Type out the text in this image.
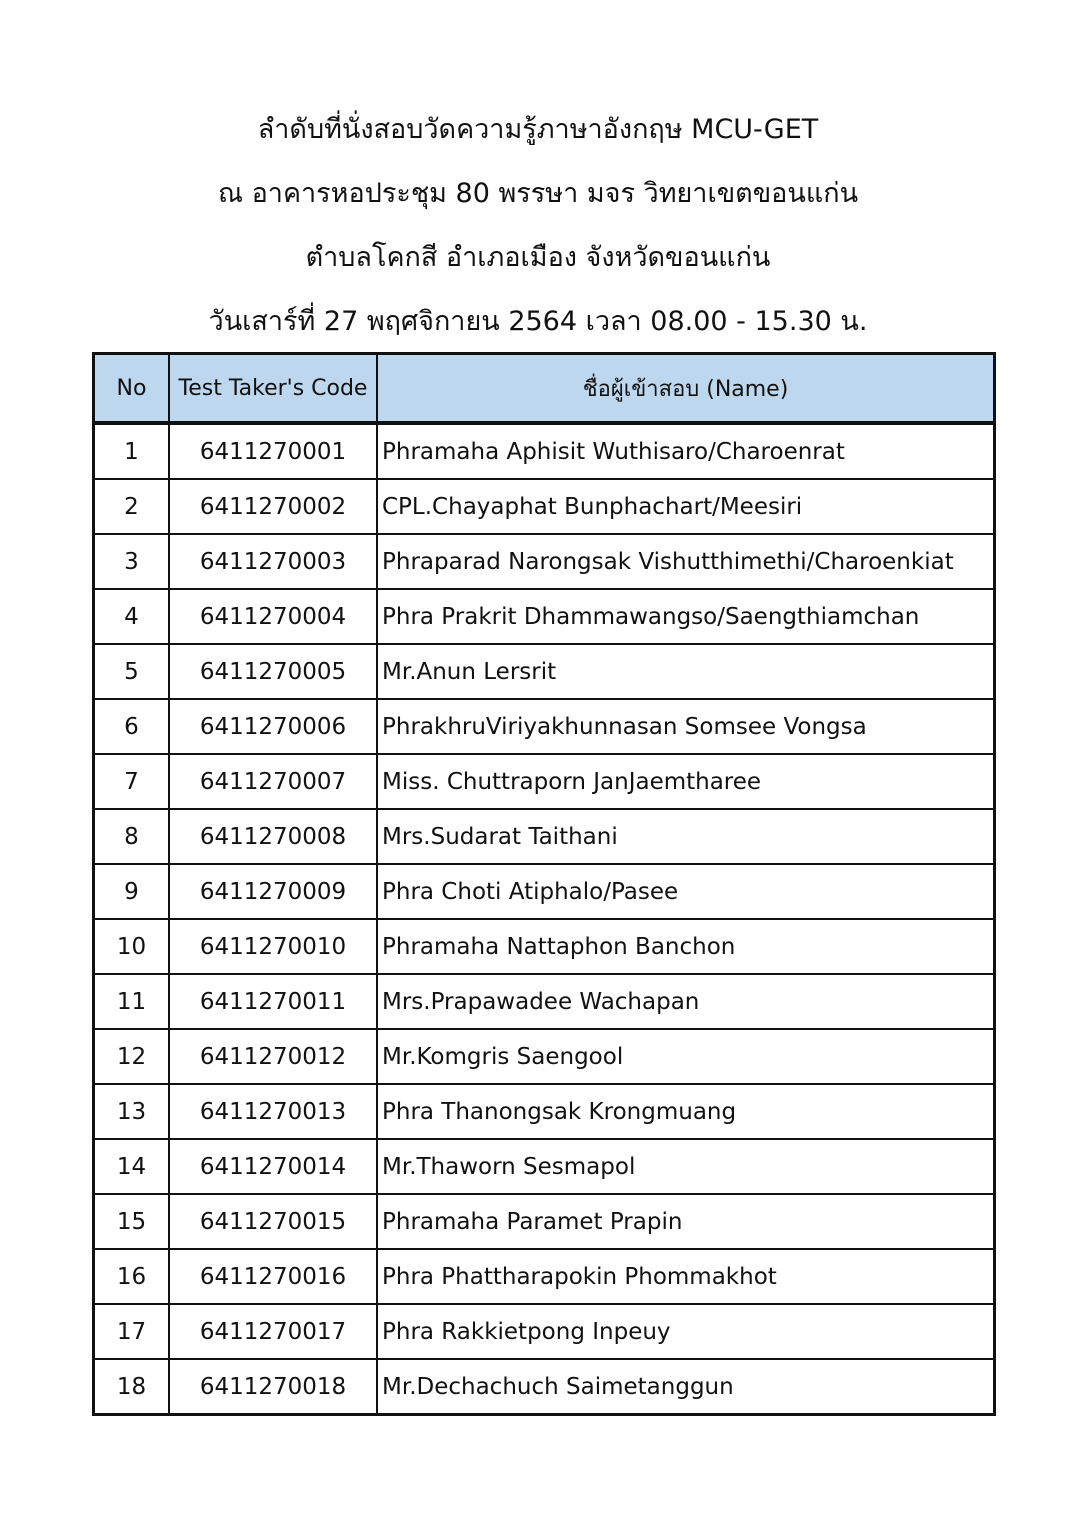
ลำดับที่นั่งสอบวัดความรู้ภาษาอังกฤษ MCU-GET
ณ อาคารหอประชุม 80 พรรษา มจร วิทยาเขตขอนแก่น
ตำบลโคกสี อำเภอเมือง จังหวัดขอนแก่น
วันเสาร์ที่ 27 พฤศจิกายน 2564 เวลา 08.00 - 15.30 น.
No	Test Taker's Code	ชื่อผู้เข้าสอบ (Name)
1	6411270001	Phramaha Aphisit Wuthisaro/Charoenrat
2	6411270002	CPL.Chayaphat Bunphachart/Meesiri
3	6411270003	Phraparad Narongsak Vishutthimethi/Charoenkiat
4	6411270004	Phra Prakrit Dhammawangso/Saengthiamchan
5	6411270005	Mr.Anun Lersrit
6	6411270006	PhrakhruViriyakhunnasan Somsee Vongsa
7	6411270007	Miss. Chuttraporn JanJaemtharee
8	6411270008	Mrs.Sudarat Taithani
9	6411270009	Phra Choti Atiphalo/Pasee
10	6411270010	Phramaha Nattaphon Banchon
11	6411270011	Mrs.Prapawadee Wachapan
12	6411270012	Mr.Komgris Saengool
13	6411270013	Phra Thanongsak Krongmuang
14	6411270014	Mr.Thaworn Sesmapol
15	6411270015	Phramaha Paramet Prapin
16	6411270016	Phra Phattharapokin Phommakhot
17	6411270017	Phra Rakkietpong Inpeuy
18	6411270018	Mr.Dechachuch Saimetanggun
